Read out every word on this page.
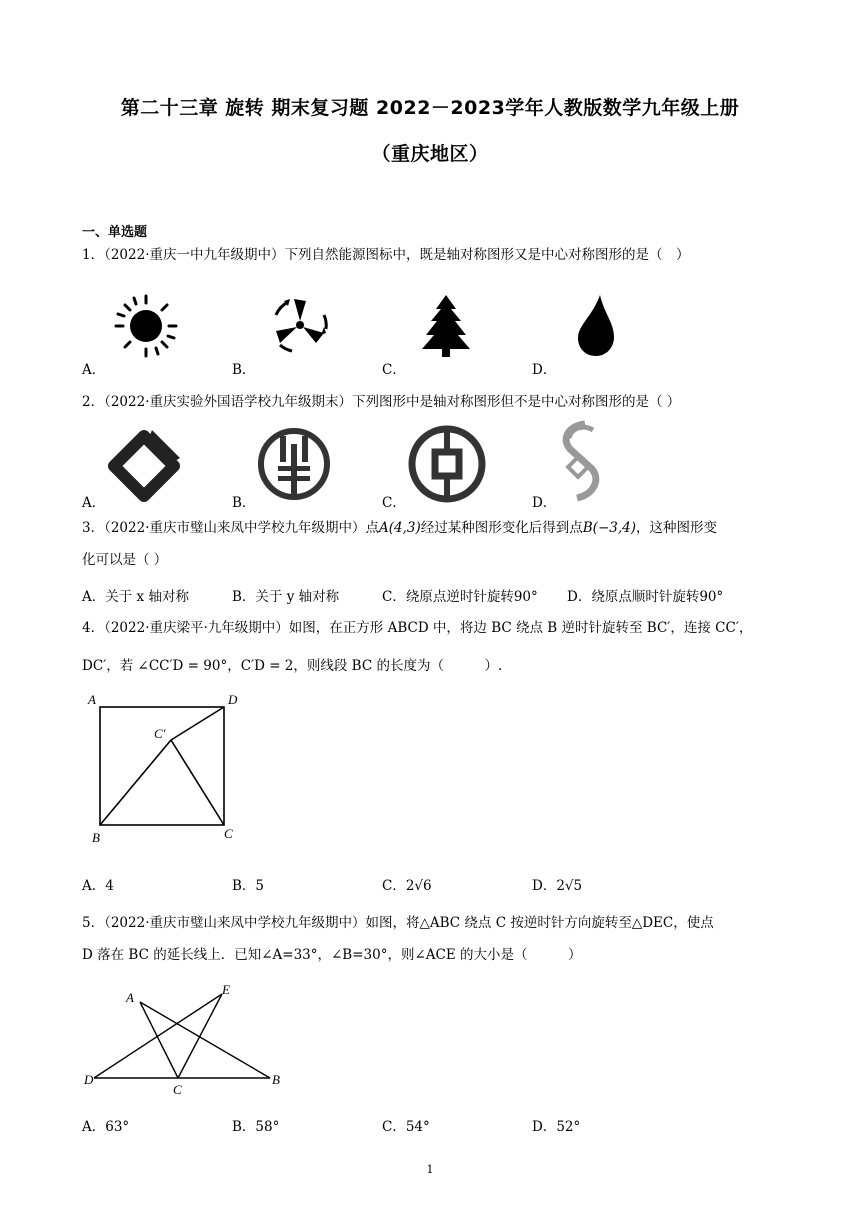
第二十三章 旋转 期末复习题 2022－2023学年人教版数学九年级上册
（重庆地区）
一、单选题
1．（2022·重庆一中九年级期中）下列自然能源图标中，既是轴对称图形又是中心对称图形的是（　）
A．	B．	C．	D．
2．（2022·重庆实验外国语学校九年级期末）下列图形中是轴对称图形但不是中心对称图形的是（ ）
A．	B．	C．	D．
3．（2022·重庆市璧山来凤中学校九年级期中）点A(4,3)经过某种图形变化后得到点B(−3,4)，这种图形变
化可以是（ ）
A．关于 x 轴对称	B．关于 y 轴对称	C．绕原点逆时针旋转90° D．绕原点顺时针旋转90°
4．（2022·重庆梁平·九年级期中）如图，在正方形 ABCD 中，将边 BC 绕点 B 逆时针旋转至 BC′，连接 CC′，
DC′，若 ∠CC′D = 90°，C′D = 2，则线段 BC 的长度为（　　　）.
A	D
C′
B	C
A．4	B．5	C．2√6	D．2√5
5．（2022·重庆市璧山来凤中学校九年级期中）如图，将△ABC 绕点 C 按逆时针方向旋转至△DEC，使点
D 落在 BC 的延长线上．已知∠A=33°，∠B=30°，则∠ACE 的大小是（　　　）
A
E
D
C
B
A．63°	B．58°	C．54°	D．52°
1
